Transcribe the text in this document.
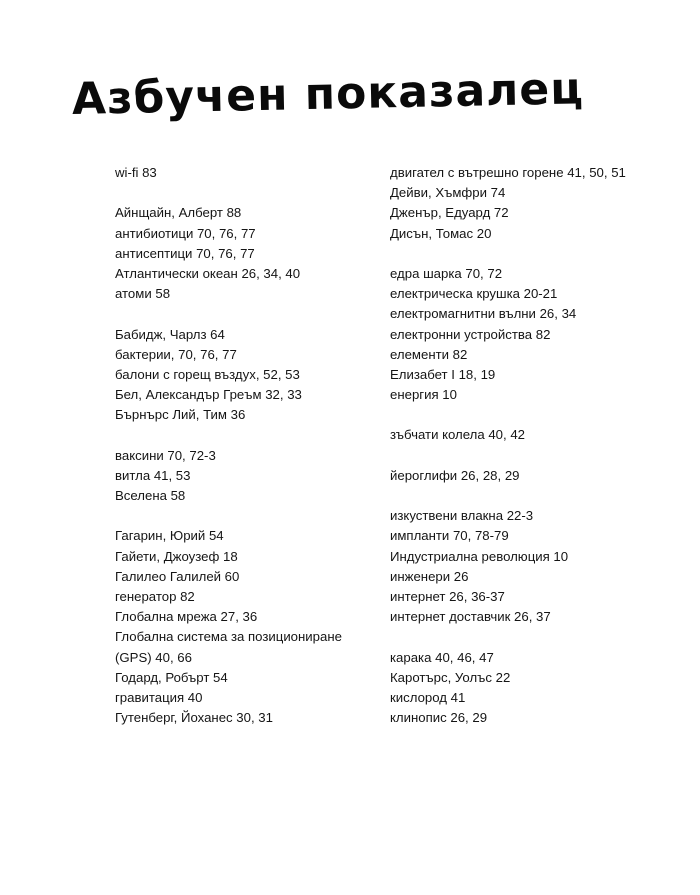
Азбучен показалец
wi-fi 83
Айнщайн, Алберт 88
антибиотици 70, 76, 77
антисептици 70, 76, 77
Атлантически океан 26, 34, 40
атоми 58
Бабидж, Чарлз 64
бактерии, 70, 76, 77
балони с горещ въздух, 52, 53
Бел, Александър Греъм 32, 33
Бърнърс Лий, Тим 36
ваксини 70, 72-3
витла 41, 53
Вселена 58
Гагарин, Юрий 54
Гайети, Джоузеф 18
Галилео Галилей 60
генератор 82
Глобална мрежа 27, 36
Глобална система за позициониране
(GPS) 40, 66
Годард, Робърт 54
гравитация 40
Гутенберг, Йоханес 30, 31
двигател с вътрешно горене 41, 50, 51
Дейви, Хъмфри 74
Дженър, Едуард 72
Дисън, Томас 20
едра шарка 70, 72
електрическа крушка 20-21
електромагнитни вълни 26, 34
електронни устройства 82
елементи 82
Елизабет I 18, 19
енергия 10
зъбчати колела 40, 42
йероглифи 26, 28, 29
изкуствени влакна 22-3
импланти 70, 78-79
Индустриална революция 10
инженери 26
интернет 26, 36-37
интернет доставчик 26, 37
карака 40, 46, 47
Каротърс, Уолъс 22
кислород 41
клинопис 26, 29
